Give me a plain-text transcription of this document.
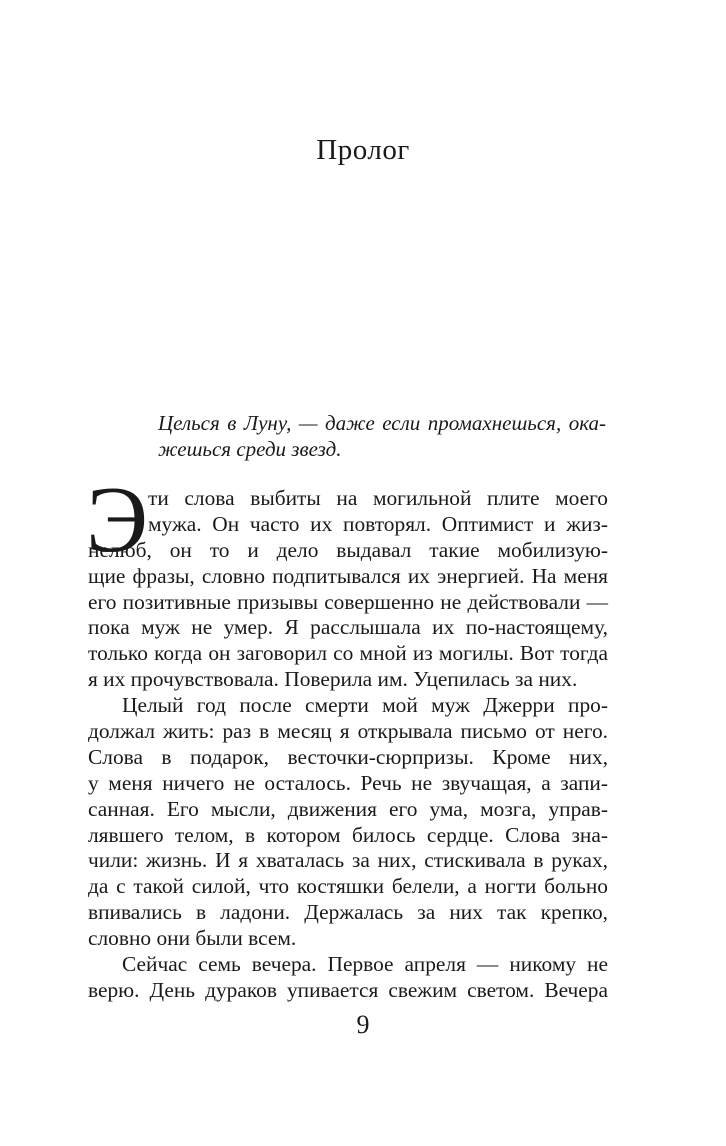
Пролог
Целься в Луну, — даже если промахнешься, ока-
жешься среди звезд.
Э ти слова выбиты на могильной плите моего
мужа. Он часто их повторял. Оптимист и жиз-
нелюб, он то и дело выдавал такие мобилизую-
щие фразы, словно подпитывался их энергией. На меня
его позитивные призывы совершенно не действовали —
пока муж не умер. Я расслышала их по-настоящему,
только когда он заговорил со мной из могилы. Вот тогда
я их прочувствовала. Поверила им. Уцепилась за них.
Целый год после смерти мой муж Джерри про-
должал жить: раз в месяц я открывала письмо от него.
Слова в подарок, весточки-сюрпризы. Кроме них,
у меня ничего не осталось. Речь не звучащая, а запи-
санная. Его мысли, движения его ума, мозга, управ-
лявшего телом, в котором билось сердце. Слова зна-
чили: жизнь. И я хваталась за них, стискивала в руках,
да с такой силой, что костяшки белели, а ногти больно
впивались в ладони. Держалась за них так крепко,
словно они были всем.
Сейчас семь вечера. Первое апреля — никому не
верю. День дураков упивается свежим светом. Вечера
9
